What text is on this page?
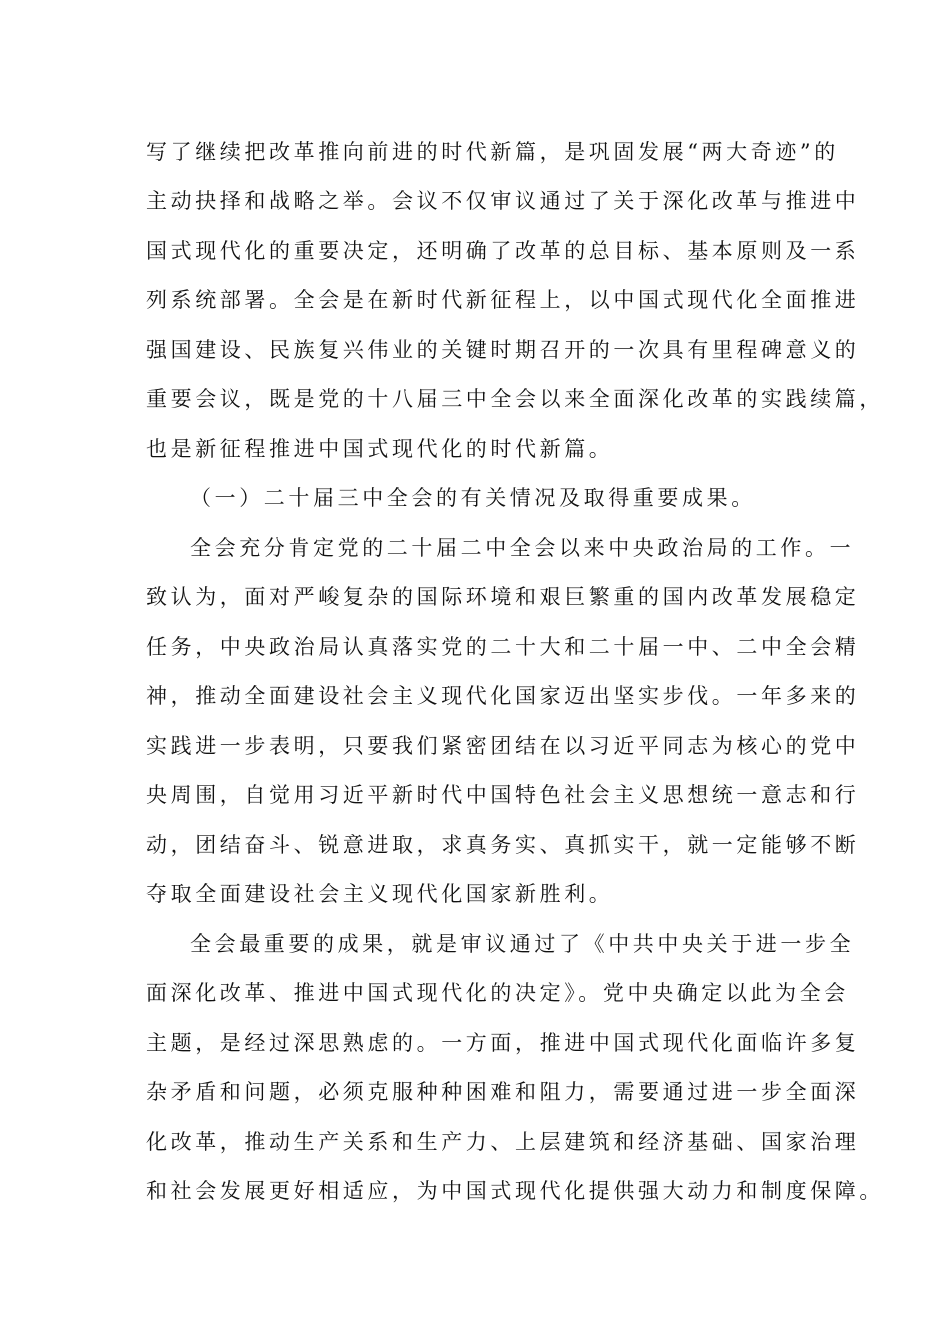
写了继续把改革推向前进的时代新篇，是巩固发展“两大奇迹”的
主动抉择和战略之举。会议不仅审议通过了关于深化改革与推进中
国式现代化的重要决定，还明确了改革的总目标、基本原则及一系
列系统部署。全会是在新时代新征程上，以中国式现代化全面推进
强国建设、民族复兴伟业的关键时期召开的一次具有里程碑意义的
重要会议，既是党的十八届三中全会以来全面深化改革的实践续篇，
也是新征程推进中国式现代化的时代新篇。
（一）二十届三中全会的有关情况及取得重要成果。
全会充分肯定党的二十届二中全会以来中央政治局的工作。一
致认为，面对严峻复杂的国际环境和艰巨繁重的国内改革发展稳定
任务，中央政治局认真落实党的二十大和二十届一中、二中全会精
神，推动全面建设社会主义现代化国家迈出坚实步伐。一年多来的
实践进一步表明，只要我们紧密团结在以习近平同志为核心的党中
央周围，自觉用习近平新时代中国特色社会主义思想统一意志和行
动，团结奋斗、锐意进取，求真务实、真抓实干，就一定能够不断
夺取全面建设社会主义现代化国家新胜利。
全会最重要的成果，就是审议通过了《中共中央关于进一步全
面深化改革、推进中国式现代化的决定》。党中央确定以此为全会
主题，是经过深思熟虑的。一方面，推进中国式现代化面临许多复
杂矛盾和问题，必须克服种种困难和阻力，需要通过进一步全面深
化改革，推动生产关系和生产力、上层建筑和经济基础、国家治理
和社会发展更好相适应，为中国式现代化提供强大动力和制度保障。
